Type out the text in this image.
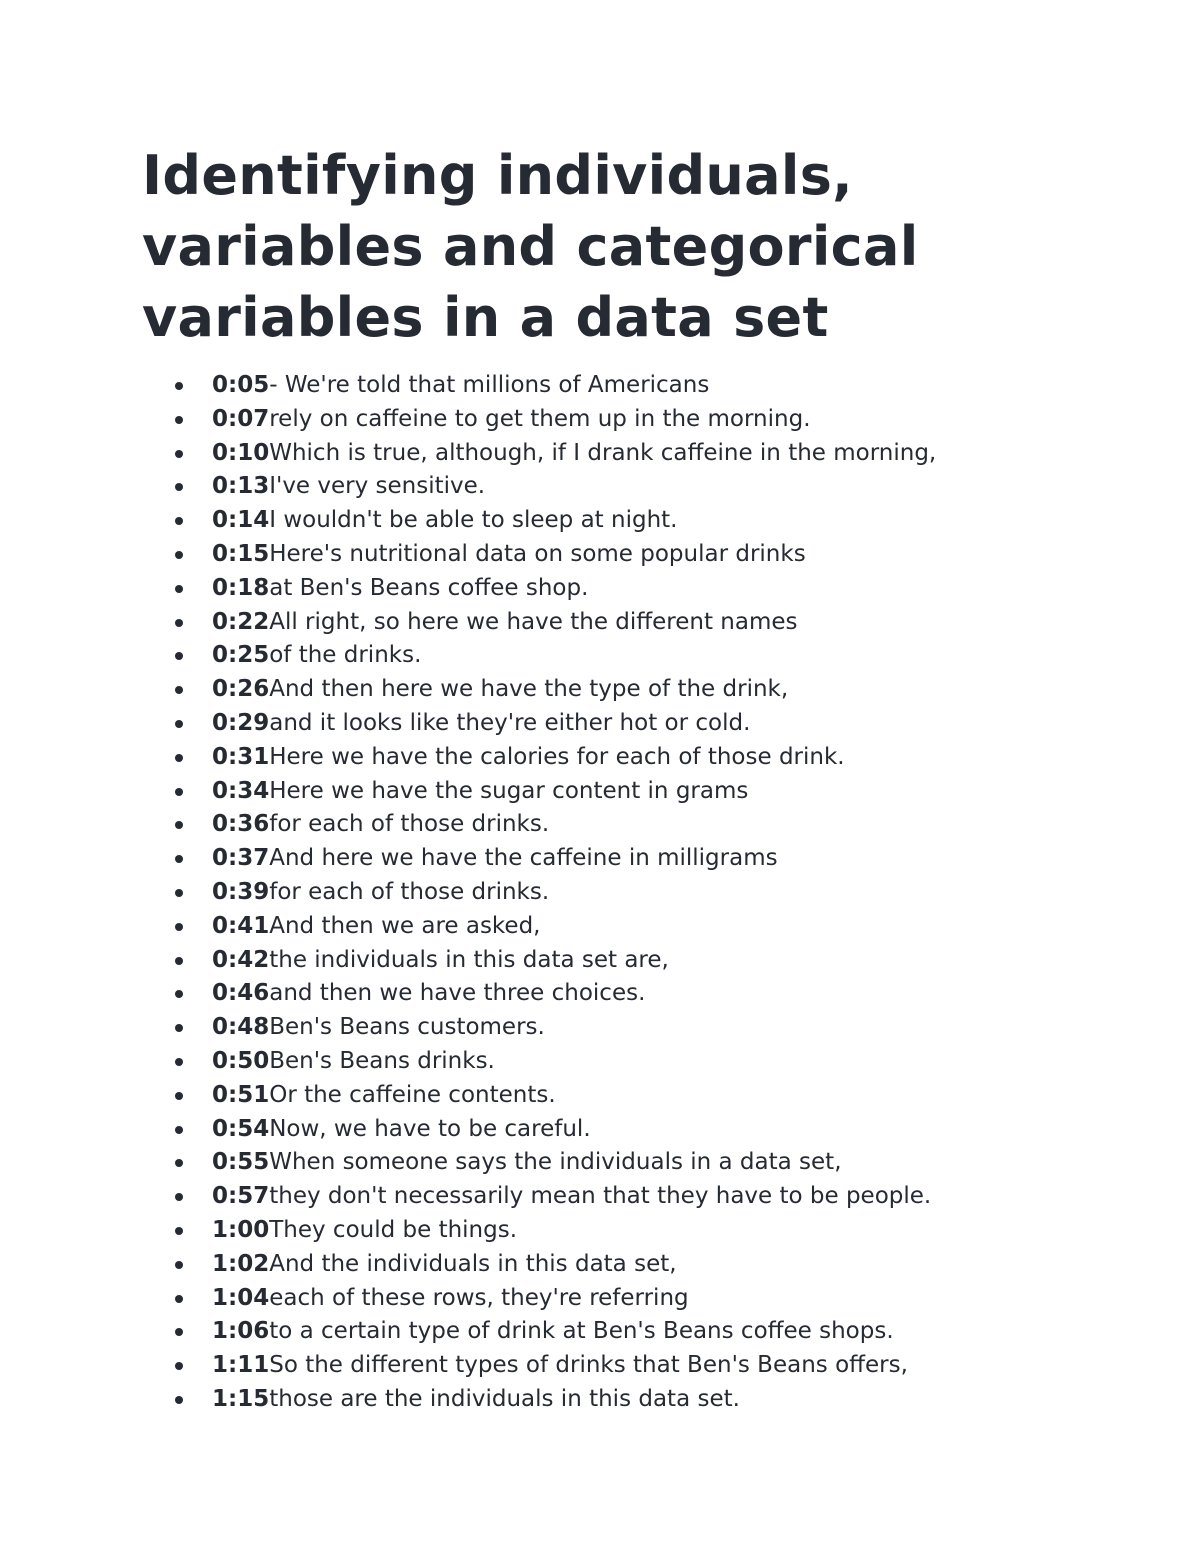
Identifying individuals, variables and categorical variables in a data set
0:05- We're told that millions of Americans
0:07rely on caffeine to get them up in the morning.
0:10Which is true, although, if I drank caffeine in the morning,
0:13I've very sensitive.
0:14I wouldn't be able to sleep at night.
0:15Here's nutritional data on some popular drinks
0:18at Ben's Beans coffee shop.
0:22All right, so here we have the different names
0:25of the drinks.
0:26And then here we have the type of the drink,
0:29and it looks like they're either hot or cold.
0:31Here we have the calories for each of those drink.
0:34Here we have the sugar content in grams
0:36for each of those drinks.
0:37And here we have the caffeine in milligrams
0:39for each of those drinks.
0:41And then we are asked,
0:42the individuals in this data set are,
0:46and then we have three choices.
0:48Ben's Beans customers.
0:50Ben's Beans drinks.
0:51Or the caffeine contents.
0:54Now, we have to be careful.
0:55When someone says the individuals in a data set,
0:57they don't necessarily mean that they have to be people.
1:00They could be things.
1:02And the individuals in this data set,
1:04each of these rows, they're referring
1:06to a certain type of drink at Ben's Beans coffee shops.
1:11So the different types of drinks that Ben's Beans offers,
1:15those are the individuals in this data set.
